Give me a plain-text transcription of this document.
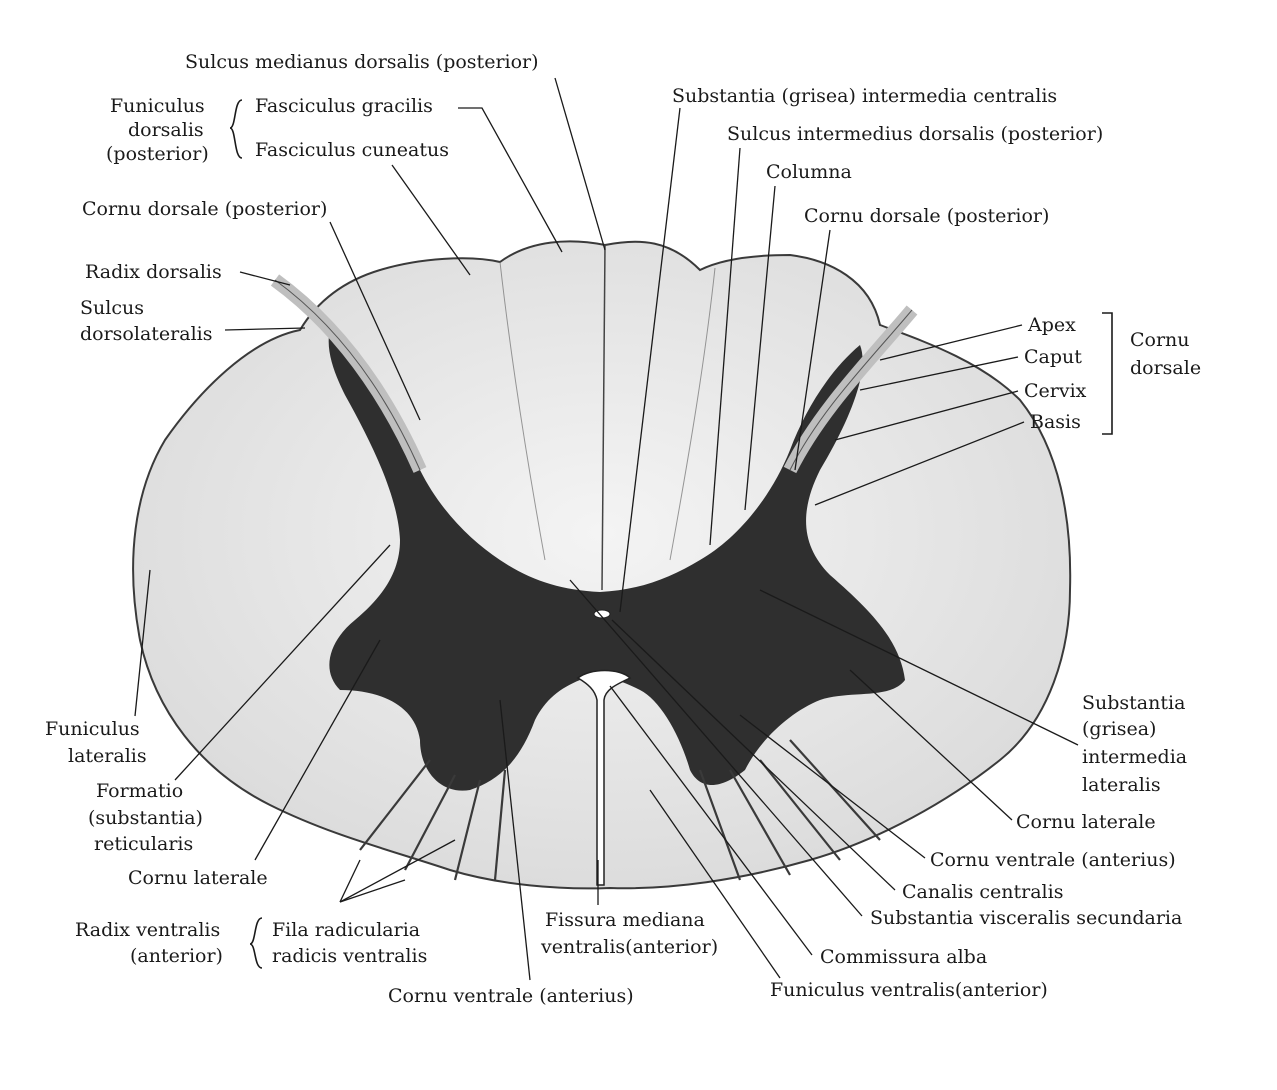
Sulcus medianus dorsalis (posterior)
Funiculus
dorsalis
(posterior)
Fasciculus gracilis
Fasciculus cuneatus
Cornu dorsale (posterior)
Radix dorsalis
Sulcus
dorsolateralis
Substantia (grisea) intermedia centralis
Sulcus intermedius dorsalis (posterior)
Columna
Cornu dorsale (posterior)
Apex
Caput
Cervix
Basis
Cornu
dorsale
Funiculus
lateralis
Formatio
(substantia)
reticularis
Cornu laterale
Radix ventralis
(anterior)
Fila radicularia
radicis ventralis
Cornu ventrale (anterius)
Fissura mediana
ventralis(anterior)	Commissura alba
Funiculus ventralis(anterior)
Substantia visceralis secundaria
Canalis centralis
Cornu ventrale (anterius)
Cornu laterale
Substantia
(grisea)
intermedia
lateralis
